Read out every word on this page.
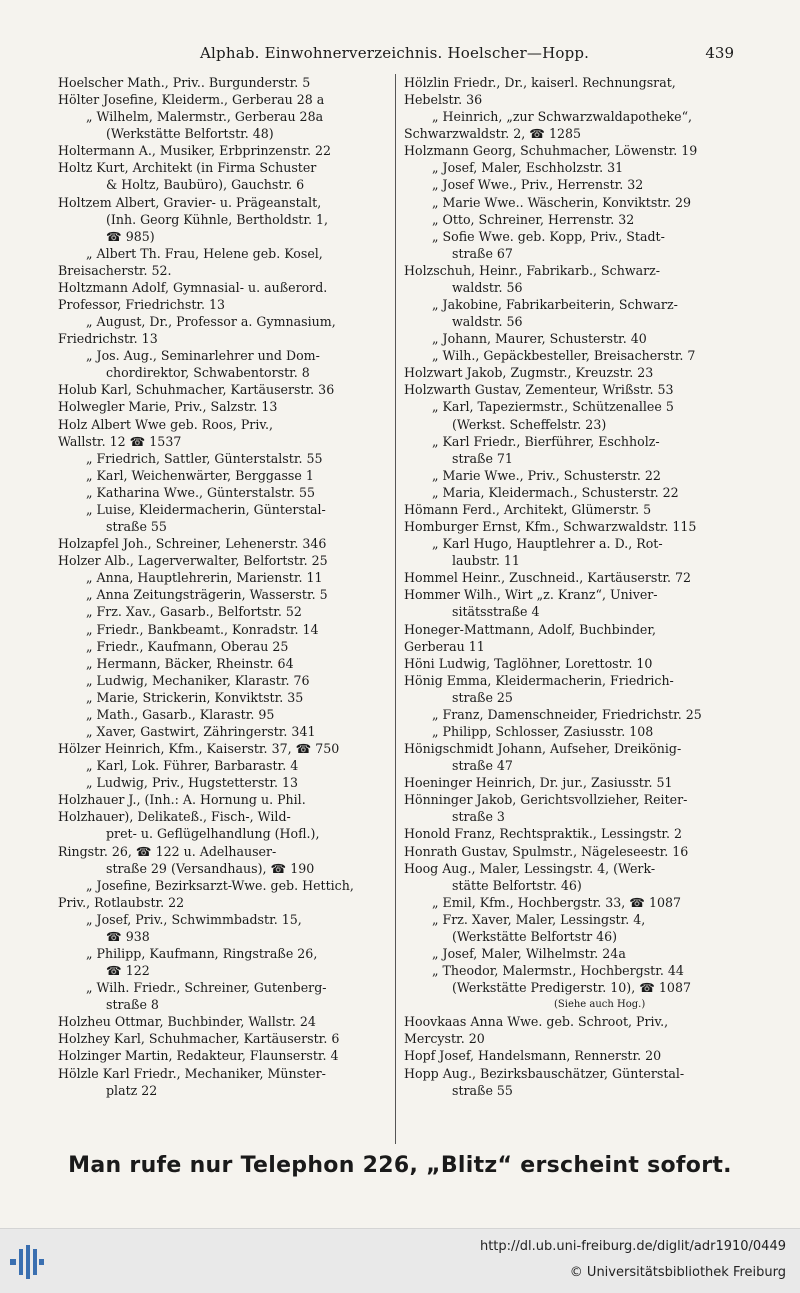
Alphab. Einwohnerverzeichnis. Hoelscher—Hopp.	439
Hoelscher Math., Priv.. Burgunderstr. 5
Hölter Josefine, Kleiderm., Gerberau 28 a
„ Wilhelm, Malermstr., Gerberau 28a
(Werkstätte Belfortstr. 48)
Holtermann A., Musiker, Erbprinzenstr. 22
Holtz Kurt, Architekt (in Firma Schuster
& Holtz, Baubüro), Gauchstr. 6
Holtzem Albert, Gravier- u. Prägeanstalt,
(Inh. Georg Kühnle, Bertholdstr. 1,
☎ 985)
„ Albert Th. Frau, Helene geb. Kosel,
Breisacherstr. 52.
Holtzmann Adolf, Gymnasial- u. außerord.
Professor, Friedrichstr. 13
„ August, Dr., Professor a. Gymnasium,
Friedrichstr. 13
„ Jos. Aug., Seminarlehrer und Dom-
chordirektor, Schwabentorstr. 8
Holub Karl, Schuhmacher, Kartäuserstr. 36
Holwegler Marie, Priv., Salzstr. 13
Holz Albert Wwe geb. Roos, Priv.,
Wallstr. 12 ☎ 1537
„ Friedrich, Sattler, Günterstalstr. 55
„ Karl, Weichenwärter, Berggasse 1
„ Katharina Wwe., Günterstalstr. 55
„ Luise, Kleidermacherin, Günterstal-
straße 55
Holzapfel Joh., Schreiner, Lehenerstr. 346
Holzer Alb., Lagerverwalter, Belfortstr. 25
„ Anna, Hauptlehrerin, Marienstr. 11
„ Anna Zeitungsträgerin, Wasserstr. 5
„ Frz. Xav., Gasarb., Belfortstr. 52
„ Friedr., Bankbeamt., Konradstr. 14
„ Friedr., Kaufmann, Oberau 25
„ Hermann, Bäcker, Rheinstr. 64
„ Ludwig, Mechaniker, Klarastr. 76
„ Marie, Strickerin, Konviktstr. 35
„ Math., Gasarb., Klarastr. 95
„ Xaver, Gastwirt, Zähringerstr. 341
Hölzer Heinrich, Kfm., Kaiserstr. 37, ☎ 750
„ Karl, Lok. Führer, Barbarastr. 4
„ Ludwig, Priv., Hugstetterstr. 13
Holzhauer J., (Inh.: A. Hornung u. Phil.
Holzhauer), Delikateß., Fisch-, Wild-
pret- u. Geflügelhandlung (Hofl.),
Ringstr. 26, ☎ 122 u. Adelhauser-
straße 29 (Versandhaus), ☎ 190
„ Josefine, Bezirksarzt-Wwe. geb. Hettich,
Priv., Rotlaubstr. 22
„ Josef, Priv., Schwimmbadstr. 15,
☎ 938
„ Philipp, Kaufmann, Ringstraße 26,
☎ 122
„ Wilh. Friedr., Schreiner, Gutenberg-
straße 8
Holzheu Ottmar, Buchbinder, Wallstr. 24
Holzhey Karl, Schuhmacher, Kartäuserstr. 6
Holzinger Martin, Redakteur, Flaunserstr. 4
Hölzle Karl Friedr., Mechaniker, Münster-
platz 22
Hölzlin Friedr., Dr., kaiserl. Rechnungsrat,
Hebelstr. 36
„ Heinrich, „zur Schwarzwaldapotheke“,
Schwarzwaldstr. 2, ☎ 1285
Holzmann Georg, Schuhmacher, Löwenstr. 19
„ Josef, Maler, Eschholzstr. 31
„ Josef Wwe., Priv., Herrenstr. 32
„ Marie Wwe.. Wäscherin, Konviktstr. 29
„ Otto, Schreiner, Herrenstr. 32
„ Sofie Wwe. geb. Kopp, Priv., Stadt-
straße 67
Holzschuh, Heinr., Fabrikarb., Schwarz-
waldstr. 56
„ Jakobine, Fabrikarbeiterin, Schwarz-
waldstr. 56
„ Johann, Maurer, Schusterstr. 40
„ Wilh., Gepäckbesteller, Breisacherstr. 7
Holzwart Jakob, Zugmstr., Kreuzstr. 23
Holzwarth Gustav, Zementeur, Wrißstr. 53
„ Karl, Tapeziermstr., Schützenallee 5
(Werkst. Scheffelstr. 23)
„ Karl Friedr., Bierführer, Eschholz-
straße 71
„ Marie Wwe., Priv., Schusterstr. 22
„ Maria, Kleidermach., Schusterstr. 22
Hömann Ferd., Architekt, Glümerstr. 5
Homburger Ernst, Kfm., Schwarzwaldstr. 115
„ Karl Hugo, Hauptlehrer a. D., Rot-
laubstr. 11
Hommel Heinr., Zuschneid., Kartäuserstr. 72
Hommer Wilh., Wirt „z. Kranz“, Univer-
sitätsstraße 4
Honeger-Mattmann, Adolf, Buchbinder,
Gerberau 11
Höni Ludwig, Taglöhner, Lorettostr. 10
Hönig Emma, Kleidermacherin, Friedrich-
straße 25
„ Franz, Damenschneider, Friedrichstr. 25
„ Philipp, Schlosser, Zasiusstr. 108
Hönigschmidt Johann, Aufseher, Dreikönig-
straße 47
Hoeninger Heinrich, Dr. jur., Zasiusstr. 51
Hönninger Jakob, Gerichtsvollzieher, Reiter-
straße 3
Honold Franz, Rechtspraktik., Lessingstr. 2
Honrath Gustav, Spulmstr., Nägeleseestr. 16
Hoog Aug., Maler, Lessingstr. 4, (Werk-
stätte Belfortstr. 46)
„ Emil, Kfm., Hochbergstr. 33, ☎ 1087
„ Frz. Xaver, Maler, Lessingstr. 4,
(Werkstätte Belfortstr 46)
„ Josef, Maler, Wilhelmstr. 24a
„ Theodor, Malermstr., Hochbergstr. 44
(Werkstätte Predigerstr. 10), ☎ 1087
(Siehe auch Hog.)
Hoovkaas Anna Wwe. geb. Schroot, Priv.,
Mercystr. 20
Hopf Josef, Handelsmann, Rennerstr. 20
Hopp Aug., Bezirksbauschätzer, Günterstal-
straße 55
Man rufe nur Telephon 226, „Blitz“ erscheint sofort.
http://dl.ub.uni-freiburg.de/diglit/adr1910/0449
© Universitätsbibliothek Freiburg
